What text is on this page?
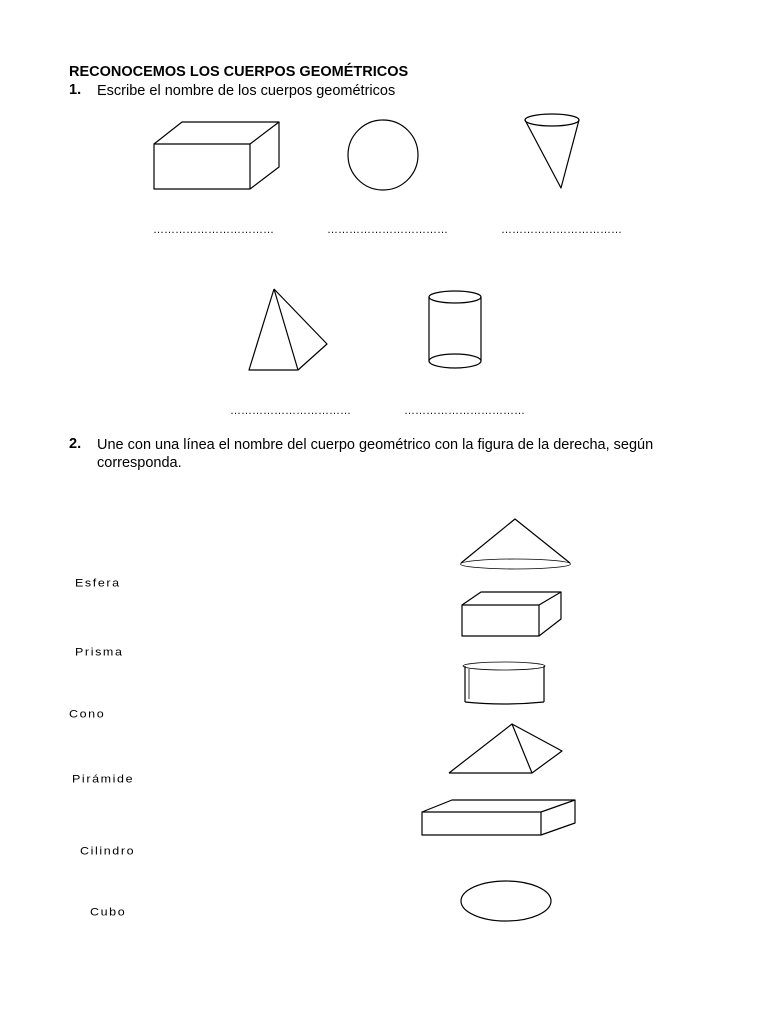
RECONOCEMOS LOS CUERPOS GEOMÉTRICOS
1. Escribe el nombre de los cuerpos geométricos
……………………………	……………………………	……………………………
……………………………	……………………………
2. Une con una línea el nombre del cuerpo geométrico con la figura de la derecha, según corresponda.
Esfera
Prisma
Cono
Pirámide
Cilindro
Cubo
